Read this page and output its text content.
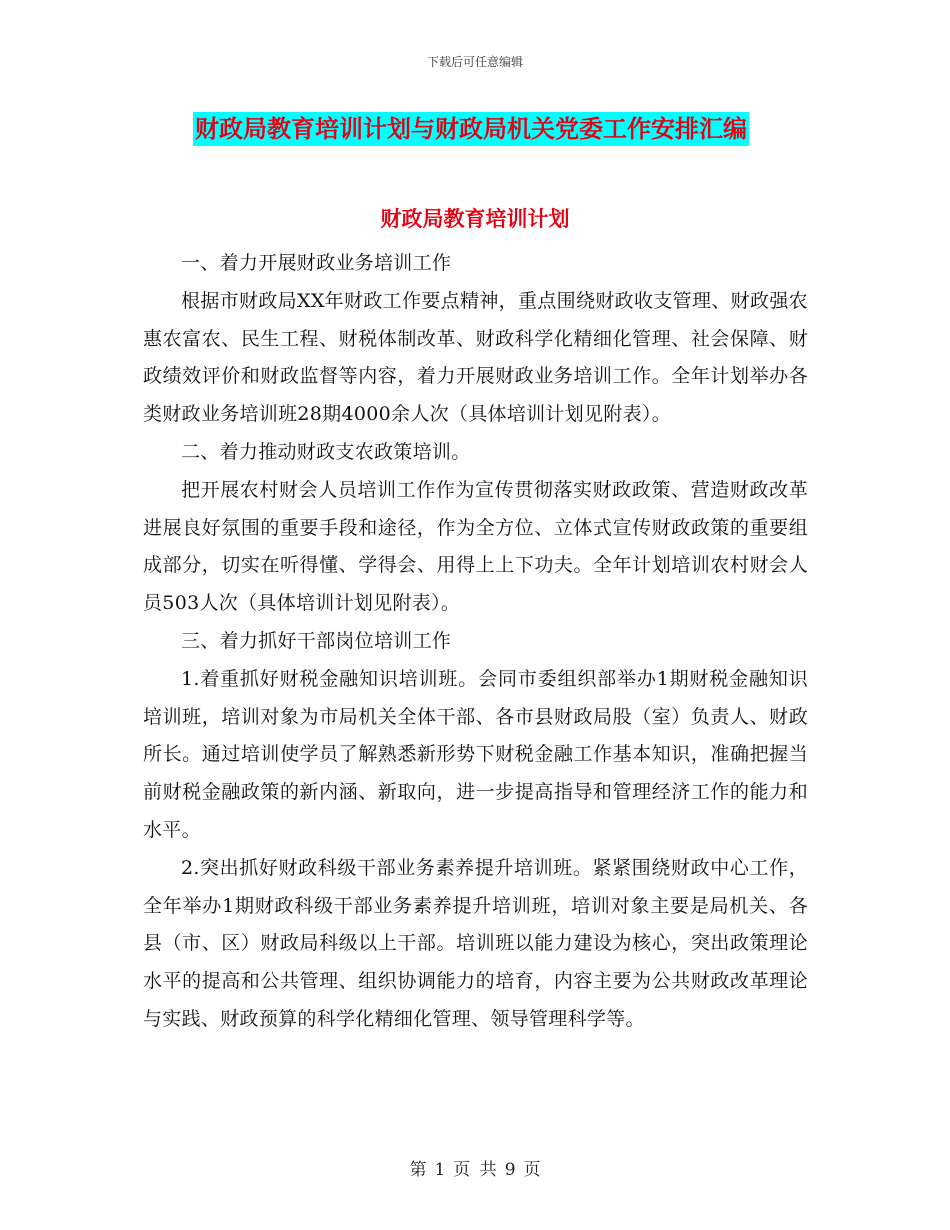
下载后可任意编辑
财政局教育培训计划与财政局机关党委工作安排汇编
财政局教育培训计划

一、着力开展财政业务培训工作

根据市财政局XX年财政工作要点精神，重点围绕财政收支管理、财政强农惠农富农、民生工程、财税体制改革、财政科学化精细化管理、社会保障、财政绩效评价和财政监督等内容，着力开展财政业务培训工作。全年计划举办各类财政业务培训班28期4000余人次（具体培训计划见附表）。

二、着力推动财政支农政策培训。

把开展农村财会人员培训工作作为宣传贯彻落实财政政策、营造财政改革进展良好氛围的重要手段和途径，作为全方位、立体式宣传财政政策的重要组成部分，切实在听得懂、学得会、用得上上下功夫。全年计划培训农村财会人员503人次（具体培训计划见附表）。

三、着力抓好干部岗位培训工作

1.着重抓好财税金融知识培训班。会同市委组织部举办1期财税金融知识培训班，培训对象为市局机关全体干部、各市县财政局股（室）负责人、财政所长。通过培训使学员了解熟悉新形势下财税金融工作基本知识，准确把握当前财税金融政策的新内涵、新取向，进一步提高指导和管理经济工作的能力和水平。

2.突出抓好财政科级干部业务素养提升培训班。紧紧围绕财政中心工作，全年举办1期财政科级干部业务素养提升培训班，培训对象主要是局机关、各县（市、区）财政局科级以上干部。培训班以能力建设为核心，突出政策理论水平的提高和公共管理、组织协调能力的培育，内容主要为公共财政改革理论与实践、财政预算的科学化精细化管理、领导管理科学等。

第 1 页 共 9 页
